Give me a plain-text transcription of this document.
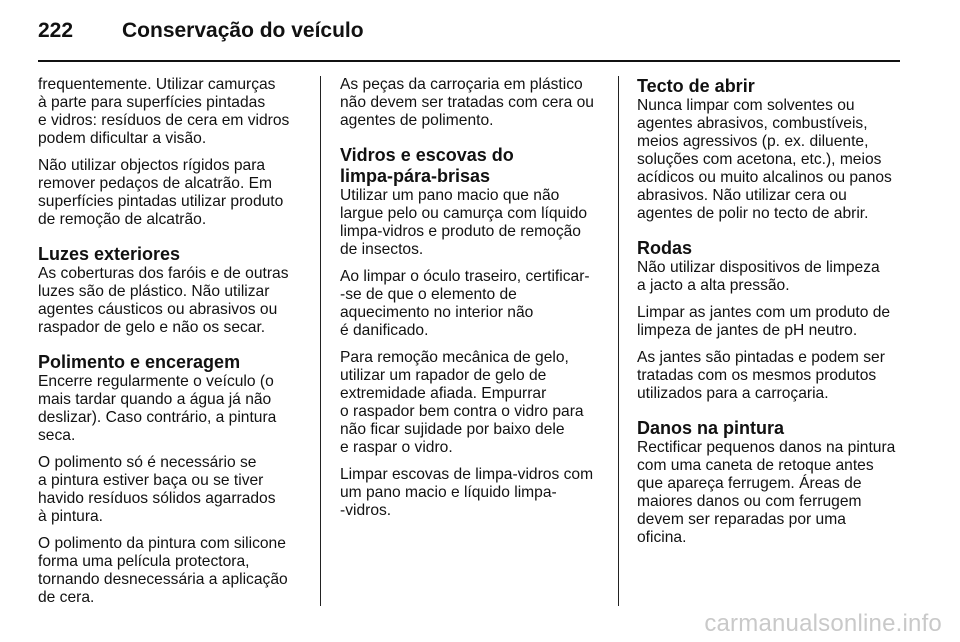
222	Conservação do veículo
frequentemente. Utilizar camurças
à parte para superfícies pintadas
e vidros: resíduos de cera em vidros
podem dificultar a visão.
Não utilizar objectos rígidos para
remover pedaços de alcatrão. Em
superfícies pintadas utilizar produto
de remoção de alcatrão.
Luzes exteriores
As coberturas dos faróis e de outras
luzes são de plástico. Não utilizar
agentes cáusticos ou abrasivos ou
raspador de gelo e não os secar.
Polimento e enceragem
Encerre regularmente o veículo (o
mais tardar quando a água já não
deslizar). Caso contrário, a pintura
seca.
O polimento só é necessário se
a pintura estiver baça ou se tiver
havido resíduos sólidos agarrados
à pintura.
O polimento da pintura com silicone
forma uma película protectora,
tornando desnecessária a aplicação
de cera.
As peças da carroçaria em plástico
não devem ser tratadas com cera ou
agentes de polimento.
Vidros e escovas do
limpa-pára-brisas
Utilizar um pano macio que não
largue pelo ou camurça com líquido
limpa-vidros e produto de remoção
de insectos.
Ao limpar o óculo traseiro, certificar-
-se de que o elemento de
aquecimento no interior não
é danificado.
Para remoção mecânica de gelo,
utilizar um rapador de gelo de
extremidade afiada. Empurrar
o raspador bem contra o vidro para
não ficar sujidade por baixo dele
e raspar o vidro.
Limpar escovas de limpa-vidros com
um pano macio e líquido limpa-
-vidros.
Tecto de abrir
Nunca limpar com solventes ou
agentes abrasivos, combustíveis,
meios agressivos (p. ex. diluente,
soluções com acetona, etc.), meios
acídicos ou muito alcalinos ou panos
abrasivos. Não utilizar cera ou
agentes de polir no tecto de abrir.
Rodas
Não utilizar dispositivos de limpeza
a jacto a alta pressão.
Limpar as jantes com um produto de
limpeza de jantes de pH neutro.
As jantes são pintadas e podem ser
tratadas com os mesmos produtos
utilizados para a carroçaria.
Danos na pintura
Rectificar pequenos danos na pintura
com uma caneta de retoque antes
que apareça ferrugem. Áreas de
maiores danos ou com ferrugem
devem ser reparadas por uma
oficina.
carmanualsonline.info
